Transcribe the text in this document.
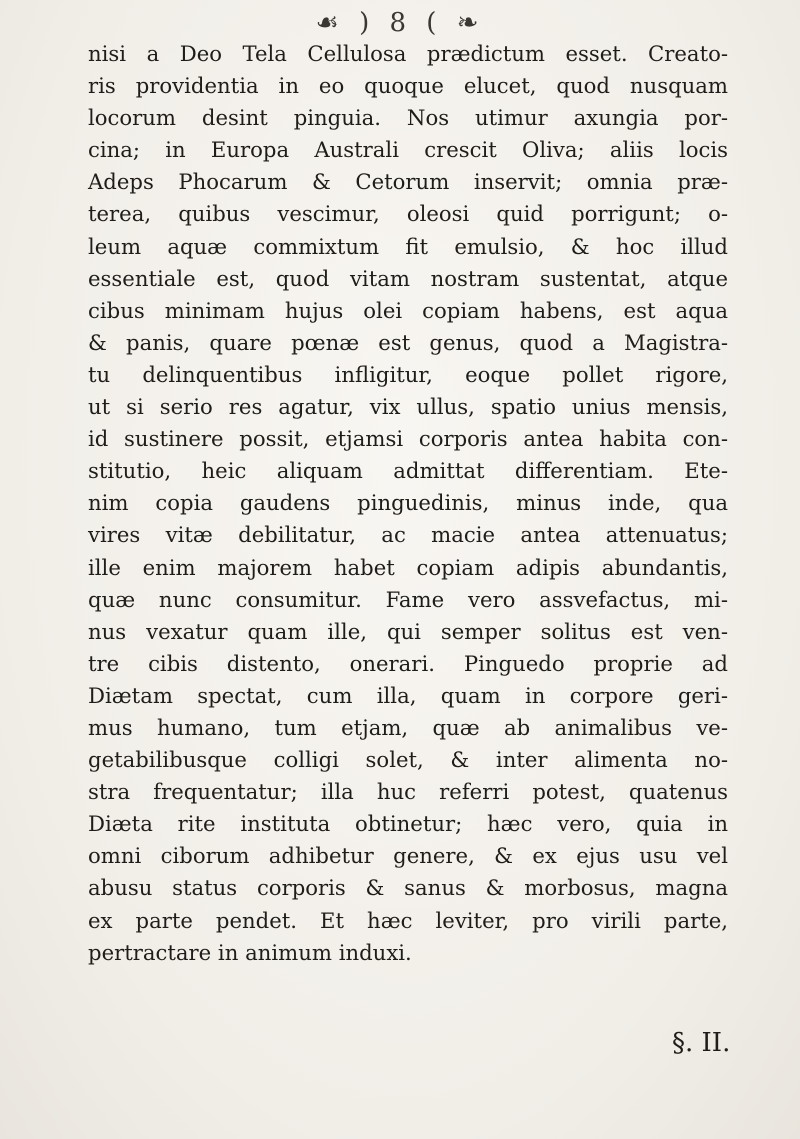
☙ ) 8 ( ❧
nisi a Deo Tela Cellulosa prædictum esset. Creato-
ris providentia in eo quoque elucet, quod nusquam
locorum desint pinguia. Nos utimur axungia por-
cina; in Europa Australi crescit Oliva; aliis locis
Adeps Phocarum & Cetorum inservit; omnia præ-
terea, quibus vescimur, oleosi quid porrigunt; o-
leum aquæ commixtum fit emulsio, & hoc illud
essentiale est, quod vitam nostram sustentat, atque
cibus minimam hujus olei copiam habens, est aqua
& panis, quare pœnæ est genus, quod a Magistra-
tu delinquentibus infligitur, eoque pollet rigore,
ut si serio res agatur, vix ullus, spatio unius mensis,
id sustinere possit, etjamsi corporis antea habita con-
stitutio, heic aliquam admittat differentiam. Ete-
nim copia gaudens pinguedinis, minus inde, qua
vires vitæ debilitatur, ac macie antea attenuatus;
ille enim majorem habet copiam adipis abundantis,
quæ nunc consumitur. Fame vero assvefactus, mi-
nus vexatur quam ille, qui semper solitus est ven-
tre cibis distento, onerari. Pinguedo proprie ad
Diætam spectat, cum illa, quam in corpore geri-
mus humano, tum etjam, quæ ab animalibus ve-
getabilibusque colligi solet, & inter alimenta no-
stra frequentatur; illa huc referri potest, quatenus
Diæta rite instituta obtinetur; hæc vero, quia in
omni ciborum adhibetur genere, & ex ejus usu vel
abusu status corporis & sanus & morbosus, magna
ex parte pendet. Et hæc leviter, pro virili parte,
pertractare in animum induxi.
§. II.
